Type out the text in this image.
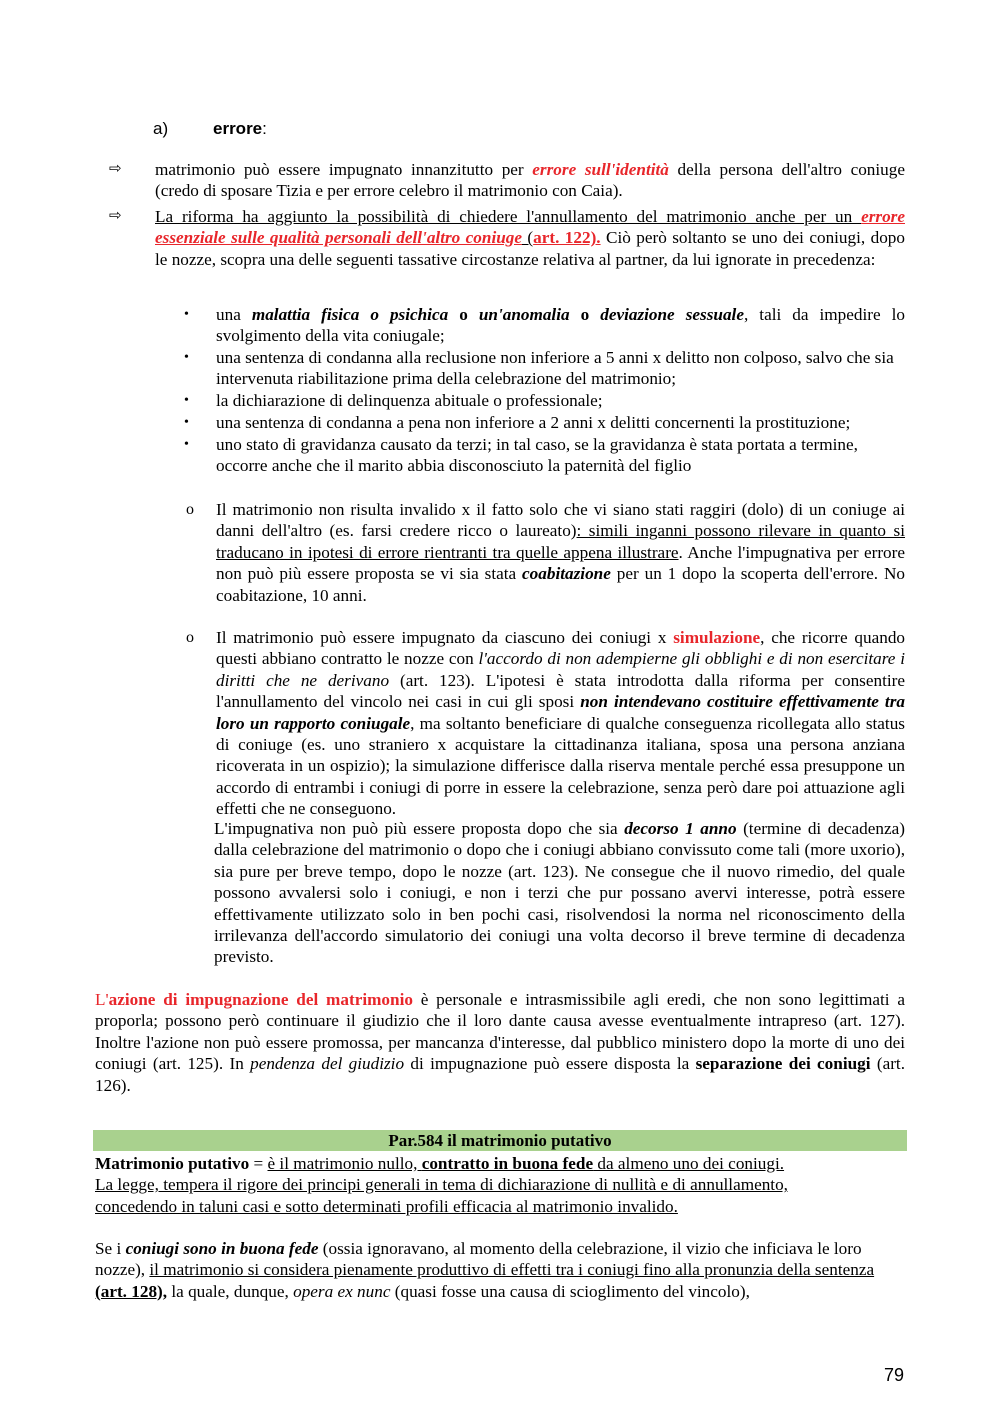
a)	errore:
⇨ matrimonio può essere impugnato innanzitutto per errore sull'identità della persona dell'altro coniuge (credo di sposare Tizia e per errore celebro il matrimonio con Caia).
⇨ La riforma ha aggiunto la possibilità di chiedere l'annullamento del matrimonio anche per un errore essenziale sulle qualità personali dell'altro coniuge (art. 122). Ciò però soltanto se uno dei coniugi, dopo le nozze, scopra una delle seguenti tassative circostanze relativa al partner, da lui ignorate in precedenza:
• una malattia fisica o psichica o un'anomalia o deviazione sessuale, tali da impedire lo svolgimento della vita coniugale;
• una sentenza di condanna alla reclusione non inferiore a 5 anni x delitto non colposo, salvo che sia intervenuta riabilitazione prima della celebrazione del matrimonio;
• la dichiarazione di delinquenza abituale o professionale;
• una sentenza di condanna a pena non inferiore a 2 anni x delitti concernenti la prostituzione;
• uno stato di gravidanza causato da terzi; in tal caso, se la gravidanza è stata portata a termine, occorre anche che il marito abbia disconosciuto la paternità del figlio
o Il matrimonio non risulta invalido x il fatto solo che vi siano stati raggiri (dolo) di un coniuge ai danni dell'altro (es. farsi credere ricco o laureato): simili inganni possono rilevare in quanto si traducano in ipotesi di errore rientranti tra quelle appena illustrare. Anche l'impugnativa per errore non può più essere proposta se vi sia stata coabitazione per un 1 dopo la scoperta dell'errore. No coabitazione, 10 anni.
o Il matrimonio può essere impugnato da ciascuno dei coniugi x simulazione, che ricorre quando questi abbiano contratto le nozze con l'accordo di non adempierne gli obblighi e di non esercitare i diritti che ne derivano (art. 123). L'ipotesi è stata introdotta dalla riforma per consentire l'annullamento del vincolo nei casi in cui gli sposi non intendevano costituire effettivamente tra loro un rapporto coniugale, ma soltanto beneficiare di qualche conseguenza ricollegata allo status di coniuge (es. uno straniero x acquistare la cittadinanza italiana, sposa una persona anziana ricoverata in un ospizio); la simulazione differisce dalla riserva mentale perché essa presuppone un accordo di entrambi i coniugi di porre in essere la celebrazione, senza però dare poi attuazione agli effetti che ne conseguono.
L'impugnativa non può più essere proposta dopo che sia decorso 1 anno (termine di decadenza) dalla celebrazione del matrimonio o dopo che i coniugi abbiano convissuto come tali (more uxorio), sia pure per breve tempo, dopo le nozze (art. 123). Ne consegue che il nuovo rimedio, del quale possono avvalersi solo i coniugi, e non i terzi che pur possano avervi interesse, potrà essere effettivamente utilizzato solo in ben pochi casi, risolvendosi la norma nel riconoscimento della irrilevanza dell'accordo simulatorio dei coniugi una volta decorso il breve termine di decadenza previsto.
L'azione di impugnazione del matrimonio è personale e intrasmissibile agli eredi, che non sono legittimati a proporla; possono però continuare il giudizio che il loro dante causa avesse eventualmente intrapreso (art. 127). Inoltre l'azione non può essere promossa, per mancanza d'interesse, dal pubblico ministero dopo la morte di uno dei coniugi (art. 125). In pendenza del giudizio di impugnazione può essere disposta la separazione dei coniugi (art. 126).
Par.584 il matrimonio putativo
Matrimonio putativo = è il matrimonio nullo, contratto in buona fede da almeno uno dei coniugi.
La legge, tempera il rigore dei principi generali in tema di dichiarazione di nullità e di annullamento, concedendo in taluni casi e sotto determinati profili efficacia al matrimonio invalido.
Se i coniugi sono in buona fede (ossia ignoravano, al momento della celebrazione, il vizio che inficiava le loro nozze), il matrimonio si considera pienamente produttivo di effetti tra i coniugi fino alla pronunzia della sentenza (art. 128), la quale, dunque, opera ex nunc (quasi fosse una causa di scioglimento del vincolo),
79
